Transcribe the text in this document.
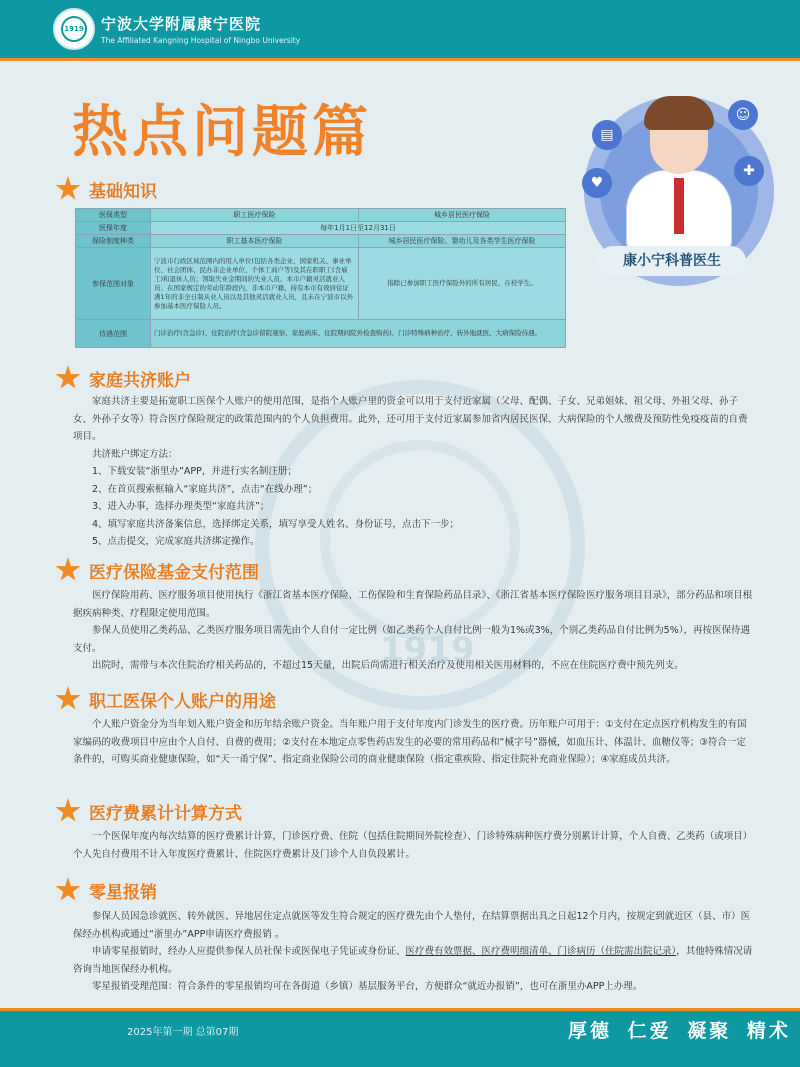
1919 宁波大学附属康宁医院
The Affiliated Kangning Hospital of Ningbo University
热点问题篇
1919
▤
☺
♥
✚
康小宁科普医生
基础知识
医保类型	职工医疗保险	城乡居民医疗保险
医保年度	每年1月1日至12月31日	
保险制度种类	职工基本医疗保险	城乡居民医疗保险、婴幼儿及各类学生医疗保险
参保范围对象	宁波市行政区域范围内的用人单位(包括各类企业、国家机关、事业单位、社会团体、民办非企业单位、个体工商户等)及其在职职工(含雇工)和退休人员；领取失业金期间的失业人员、本市户籍灵活就业人员；在国家规定的劳动年龄段内，非本市户籍、持有本市有效居住证满1年的非全日制从业人员以及其他灵活就业人员，且未在宁波市以外参加基本医疗保险人员。	指除已参加职工医疗保险外的所有居民、在校学生。
待遇范围	门诊治疗(含急诊)、住院治疗(含急诊留院观察、家庭病床、住院期间院外检查购药)、门诊特殊病种治疗、转外地就医、大病保险待遇。	
家庭共济账户

家庭共济主要是拓宽职工医保个人账户的使用范围，是指个人账户里的资金可以用于支付近家属（父母、配偶、子女、兄弟姐妹、祖父母、外祖父母、孙子女、外孙子女等）符合医疗保险规定的政策范围内的个人负担费用。此外，还可用于支付近家属参加省内居民医保、大病保险的个人缴费及预防性免疫疫苗的自费项目。

共济账户绑定方法：

1、下载安装“浙里办”APP，并进行实名制注册；

2、在首页搜索框输入“家庭共济”，点击“在线办理”；

3、进入办事，选择办理类型“家庭共济”；

4、填写家庭共济备案信息，选择绑定关系，填写享受人姓名、身份证号，点击下一步；

5、点击提交，完成家庭共济绑定操作。

医疗保险基金支付范围

医疗保险用药、医疗服务项目使用执行《浙江省基本医疗保险、工伤保险和生育保险药品目录》、《浙江省基本医疗保险医疗服务项目目录》，部分药品和项目根据疾病种类、疗程限定使用范围。

参保人员使用乙类药品、乙类医疗服务项目需先由个人自付一定比例（如乙类药个人自付比例一般为1%或3%，个别乙类药品自付比例为5%），再按医保待遇支付。

出院时，需带与本次住院治疗相关药品的，不超过15天量，出院后尚需进行相关治疗及使用相关医用材料的，不应在住院医疗费中预先列支。

职工医保个人账户的用途

个人账户资金分为当年划入账户资金和历年结余账户资金。当年账户用于支付年度内门诊发生的医疗费。历年账户可用于：①支付在定点医疗机构发生的有国家编码的收费项目中应由个人自付、自费的费用；②支付在本地定点零售药店发生的必要的常用药品和“械字号”器械，如血压计、体温计、血糖仪等；③符合一定条件的，可购买商业健康保险，如“天一甬宁保”、指定商业保险公司的商业健康保险（指定重疾险、指定住院补充商业保险）；④家庭成员共济。

医疗费累计计算方式

一个医保年度内每次结算的医疗费累计计算，门诊医疗费、住院（包括住院期间外院检查）、门诊特殊病种医疗费分别累计计算，个人自费、乙类药（或项目）个人先自付费用不计入年度医疗费累计、住院医疗费累计及门诊个人自负段累计。

零星报销

参保人员因急诊就医、转外就医、异地居住定点就医等发生符合规定的医疗费先由个人垫付，在结算票据出具之日起12个月内，按规定到就近区（县、市）医保经办机构或通过“浙里办”APP申请医疗费报销 。

申请零星报销时，经办人应提供参保人员社保卡或医保电子凭证或身份证、医疗费有效票据、医疗费明细清单、门诊病历（住院需出院记录），其他特殊情况请咨询当地医保经办机构。

零星报销受理范围：符合条件的零星报销均可在各街道（乡镇）基层服务平台，方便群众“就近办报销”，也可在浙里办APP上办理。

2025年第一期 总第07期	厚德 仁爱 凝聚 精术
